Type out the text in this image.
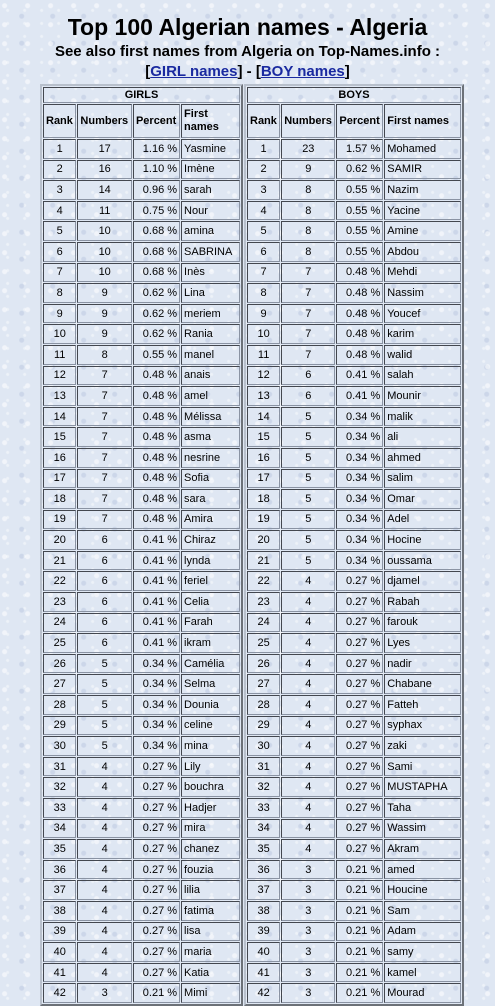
Top 100 Algerian names - Algeria

See also first names from Algeria on Top-Names.info :

[GIRL names] - [BOY names]

GIRLS			
Rank	Numbers	Percent	First names
1	17	1.16 %	Yasmine
2	16	1.10 %	Imène
3	14	0.96 %	sarah
4	11	0.75 %	Nour
5	10	0.68 %	amina
6	10	0.68 %	SABRINA
7	10	0.68 %	Inès
8	9	0.62 %	Lina
9	9	0.62 %	meriem
10	9	0.62 %	Rania
11	8	0.55 %	manel
12	7	0.48 %	anais
13	7	0.48 %	amel
14	7	0.48 %	Mélissa
15	7	0.48 %	asma
16	7	0.48 %	nesrine
17	7	0.48 %	Sofia
18	7	0.48 %	sara
19	7	0.48 %	Amira
20	6	0.41 %	Chiraz
21	6	0.41 %	lynda
22	6	0.41 %	feriel
23	6	0.41 %	Celia
24	6	0.41 %	Farah
25	6	0.41 %	ikram
26	5	0.34 %	Camélia
27	5	0.34 %	Selma
28	5	0.34 %	Dounia
29	5	0.34 %	celine
30	5	0.34 %	mina
31	4	0.27 %	Lily
32	4	0.27 %	bouchra
33	4	0.27 %	Hadjer
34	4	0.27 %	mira
35	4	0.27 %	chanez
36	4	0.27 %	fouzia
37	4	0.27 %	lilia
38	4	0.27 %	fatima
39	4	0.27 %	lisa
40	4	0.27 %	maria
41	4	0.27 %	Katia
42	3	0.21 %	Mimi
BOYS			
Rank	Numbers	Percent	First names
1	23	1.57 %	Mohamed
2	9	0.62 %	SAMIR
3	8	0.55 %	Nazim
4	8	0.55 %	Yacine
5	8	0.55 %	Amine
6	8	0.55 %	Abdou
7	7	0.48 %	Mehdi
8	7	0.48 %	Nassim
9	7	0.48 %	Youcef
10	7	0.48 %	karim
11	7	0.48 %	walid
12	6	0.41 %	salah
13	6	0.41 %	Mounir
14	5	0.34 %	malik
15	5	0.34 %	ali
16	5	0.34 %	ahmed
17	5	0.34 %	salim
18	5	0.34 %	Omar
19	5	0.34 %	Adel
20	5	0.34 %	Hocine
21	5	0.34 %	oussama
22	4	0.27 %	djamel
23	4	0.27 %	Rabah
24	4	0.27 %	farouk
25	4	0.27 %	Lyes
26	4	0.27 %	nadir
27	4	0.27 %	Chabane
28	4	0.27 %	Fatteh
29	4	0.27 %	syphax
30	4	0.27 %	zaki
31	4	0.27 %	Sami
32	4	0.27 %	MUSTAPHA
33	4	0.27 %	Taha
34	4	0.27 %	Wassim
35	4	0.27 %	Akram
36	3	0.21 %	amed
37	3	0.21 %	Houcine
38	3	0.21 %	Sam
39	3	0.21 %	Adam
40	3	0.21 %	samy
41	3	0.21 %	kamel
42	3	0.21 %	Mourad
